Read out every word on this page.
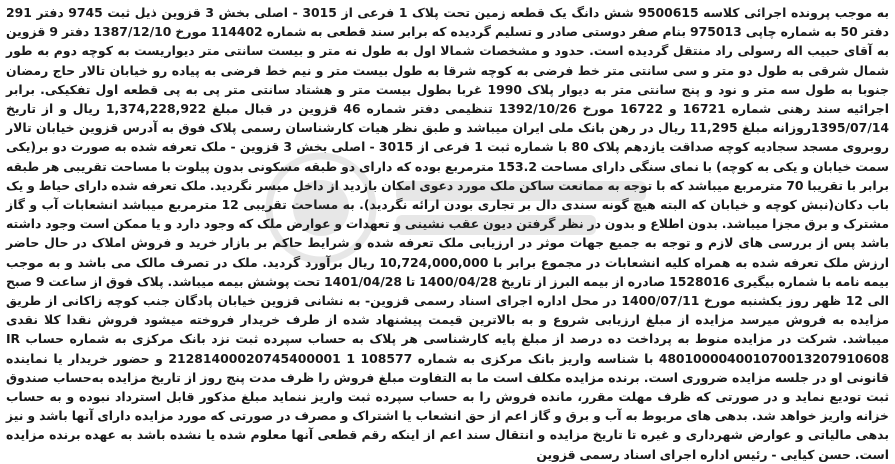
به موجب پرونده اجرائی کلاسه 9500615 شش دانگ یک قطعه زمین تحت پلاک 1 فرعی از 3015 - اصلی بخش 3 قزوین ذیل ثبت 9745 دفتر 291 دفتر 50 به شماره چاپی 975013 بنام صفر دوستی صادر و تسلیم گردیده که برابر سند قطعی به شماره 114402 مورخ 1387/12/10 دفتر 9 قزوین به آقای حبیب اله رسولی راد منتقل گردیده است. حدود و مشخصات شمالا اول به طول نه متر و بیست سانتی متر دیواریست به کوچه دوم به طور شمال شرقی به طول دو متر و سی سانتی متر خط فرضی به کوچه شرقا به طول بیست متر و نیم خط فرضی به پیاده رو خیابان تالار حاج رمضان جنوبا به طول سه متر و نود و پنج سانتی متر به دیوار پلاک 1990 غربا بطول بیست متر و هشتاد سانتی متر پی به پی قطعه اول تفکیکی. برابر اجرائیه سند رهنی شماره 16721 و 16722 مورخ 1392/10/26 تنظیمی دفتر شماره 46 قزوین در قبال مبلغ 1,374,228,922 ریال و از تاریخ 1395/07/14روزانه مبلغ 11,295 ریال در رهن بانک ملی ایران میباشد و طبق نظر هیات کارشناسان رسمی پلاک فوق به آدرس قزوین خیابان تالار روبروی مسجد سجادیه کوچه صداقت یازدهم پلاک 80 با شماره ثبت 1 فرعی از 3015 - اصلی بخش 3 قزوین - ملک تعرفه شده به صورت دو بر(یکی سمت خیابان و یکی به کوچه) با نمای سنگی دارای مساحت 153.2 مترمربع بوده که دارای دو طبقه مسکونی بدون پیلوت با مساحت تقریبی هر طبقه برابر با تقریبا 70 مترمربع میباشد که با توجه به ممانعت ساکن ملک مورد دعوی امکان بازدید از داخل میسر نگردید. ملک تعرفه شده دارای حیاط و یک باب دکان(نبش کوچه و خیابان که البته هیچ گونه سندی دال بر تجاری بودن ارائه نگردید). به مساحت تقریبی 12 مترمربع میباشد انشعابات آب و گاز مشترک و برق مجزا میباشد. بدون اطلاع و بدون در نظر گرفتن دیون عقب نشینی و تعهدات و عوارض ملک که وجود دارد و یا ممکن است وجود داشته باشد پس از بررسی های لازم و توجه به جمیع جهات موثر در ارزیابی ملک تعرفه شده و شرایط حاکم بر بازار خرید و فروش املاک در حال حاضر ارزش ملک تعرفه شده به همراه کلیه انشعابات در مجموع برابر با 10,724,000,000 ریال برآورد گردید. ملک در تصرف مالک می باشد و به موجب بیمه نامه با شماره بیگیری 1528016 صادره از بیمه البرز از تاریخ 1400/04/28 تا 1401/04/28 تحت پوشش بیمه میباشد. پلاک فوق از ساعت 9 صبح الی 12 ظهر روز یکشنبه مورخ 1400/07/11 در محل اداره اجرای اسناد رسمی قزوین- به نشانی قزوین خیابان پادگان جنب کوچه زاکانی از طریق مزایده به فروش میرسد مزایده از مبلغ ارزیابی شروع و به بالاترین قیمت پیشنهاد شده از طرف خریدار فروخته میشود فروش نقدا کلا نقدی میباشد. شرکت در مزایده منوط به پرداخت ده درصد از مبلغ پایه کارشناسی هر پلاک به حساب سپرده ثبت نزد بانک مرکزی به شماره حساب IR 480100004001070013207910608 با شناسه واریز بانک مرکزی به شماره 108577 1 21281400020745400001 و حضور خریدار یا نماینده قانونی او در جلسه مزایده ضروری است. برنده مزایده مکلف است ما به التفاوت مبلغ فروش را ظرف مدت پنج روز از تاریخ مزایده به‌حساب صندوق ثبت تودیع نماید و در صورتی که ظرف مهلت مقرر، مانده فروش را به حساب سپرده ثبت واریز ننماید مبلغ مذکور قابل استرداد نبوده و به حساب خزانه واریز خواهد شد. بدهی های مربوط به آب و برق و گاز اعم از حق انشعاب یا اشتراک و مصرف در صورتی که مورد مزایده دارای آنها باشد و نیز بدهی مالیاتی و عوارض شهرداری و غیره تا تاریخ مزایده و انتقال سند اعم از اینکه رقم قطعی آنها معلوم شده یا نشده باشد به عهده برنده مزایده است. حسن کیایی - رئیس اداره اجرای اسناد رسمی قزوین
